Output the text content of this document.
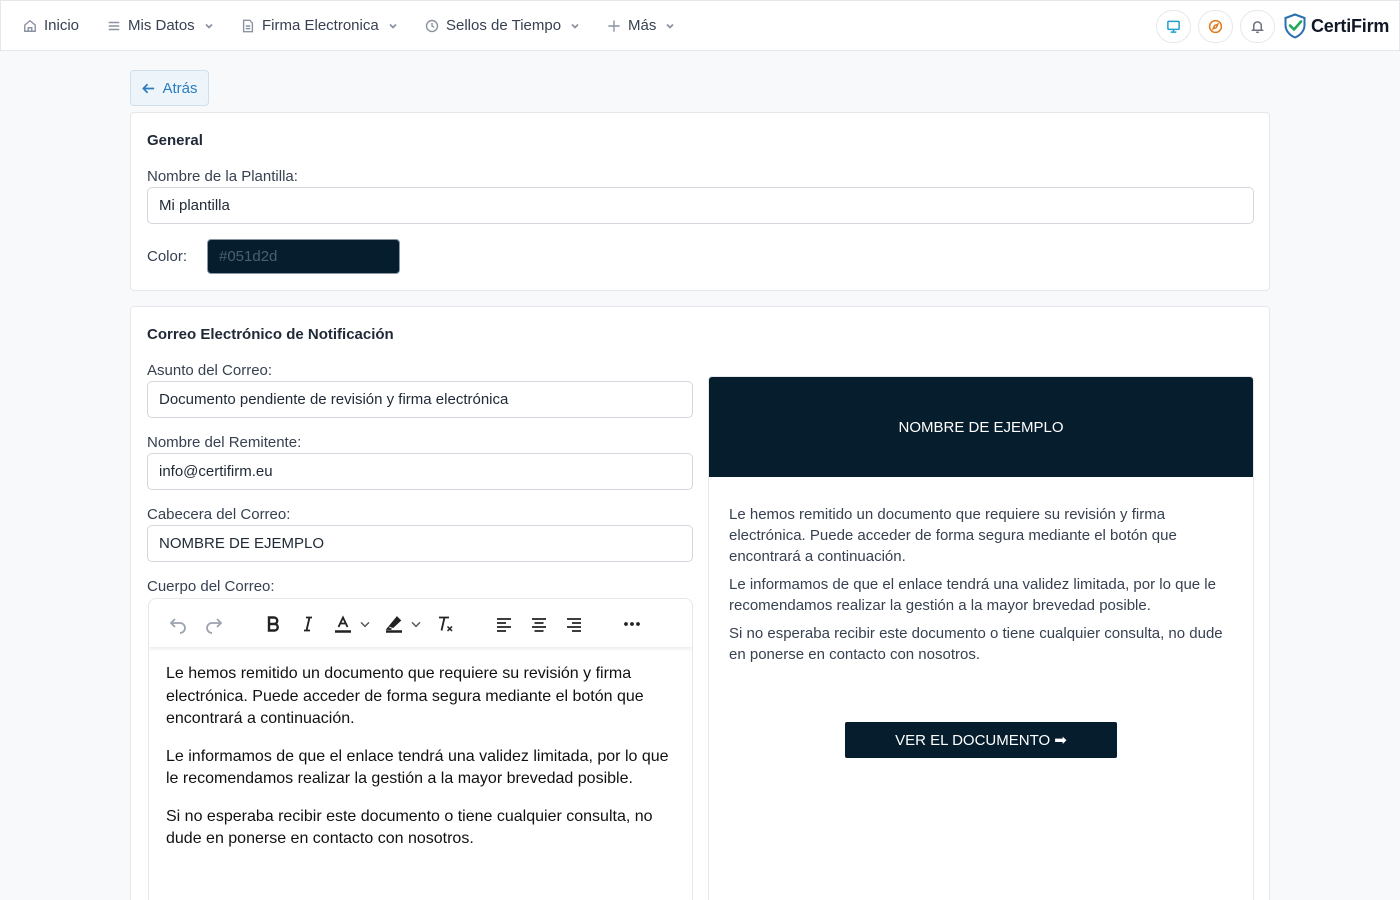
Inicio	Mis Datos	Firma Electronica	Sellos de Tiempo	Más	CertiFirm
Atrás
General
Nombre de la Plantilla:
Mi plantilla
Color:	#051d2d
Correo Electrónico de Notificación
Asunto del Correo:
Documento pendiente de revisión y firma electrónica
Nombre del Remitente:
info@certifirm.eu
Cabecera del Correo:
NOMBRE DE EJEMPLO
Cuerpo del Correo:

Le hemos remitido un documento que requiere su revisión y firma electrónica. Puede acceder de forma segura mediante el botón que encontrará a continuación.

Le informamos de que el enlace tendrá una validez limitada, por lo que le recomendamos realizar la gestión a la mayor brevedad posible.

Si no esperaba recibir este documento o tiene cualquier consulta, no dude en ponerse en contacto con nosotros.

NOMBRE DE EJEMPLO

Le hemos remitido un documento que requiere su revisión y firma electrónica. Puede acceder de forma segura mediante el botón que encontrará a continuación.

Le informamos de que el enlace tendrá una validez limitada, por lo que le recomendamos realizar la gestión a la mayor brevedad posible.

Si no esperaba recibir este documento o tiene cualquier consulta, no dude en ponerse en contacto con nosotros.

VER EL DOCUMENTO ➡
